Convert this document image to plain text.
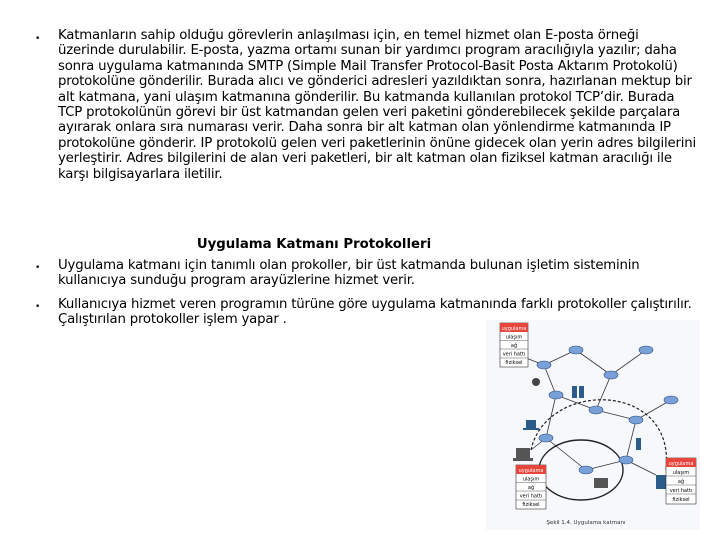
• Katmanların sahip olduğu görevlerin anlaşılması için, en temel hizmet olan E-posta örneği üzerinde durulabilir. E-posta, yazma ortamı sunan bir yardımcı program aracılığıyla yazılır; daha sonra uygulama katmanında SMTP (Simple Mail Transfer Protocol-Basit Posta Aktarım Protokolü) protokolüne gönderilir. Burada alıcı ve gönderici adresleri yazıldıktan sonra, hazırlanan mektup bir alt katmana, yani ulaşım katmanına gönderilir. Bu katmanda kullanılan protokol TCP’dir. Burada TCP protokolünün görevi bir üst katmandan gelen veri paketini gönderebilecek şekilde parçalara ayırarak onlara sıra numarası verir. Daha sonra bir alt katman olan yönlendirme katmanında IP protokolüne gönderir. IP protokolü gelen veri paketlerinin önüne gidecek olan yerin adres bilgilerini yerleştirir. Adres bilgilerini de alan veri paketleri, bir alt katman olan fiziksel katman aracılığı ile karşı bilgisayarlara iletilir.
Uygulama Katmanı Protokolleri
• Uygulama katmanı için tanımlı olan prokoller, bir üst katmanda bulunan işletim sisteminin kullanıcıya sunduğu program arayüzlerine hizmet verir.
• Kullanıcıya hizmet veren programın türüne göre uygulama katmanında farklı protokoller çalıştırılır. Çalıştırılan protokoller işlem yapar .
uygulama
ulaşım
ağ
veri hattı
fiziksel
uygulama
ulaşım
ağ
veri hattı
fiziksel
uygulama
ulaşım
ağ
veri hattı
fiziksel
Şekil 1.4. Uygulama katmanı
